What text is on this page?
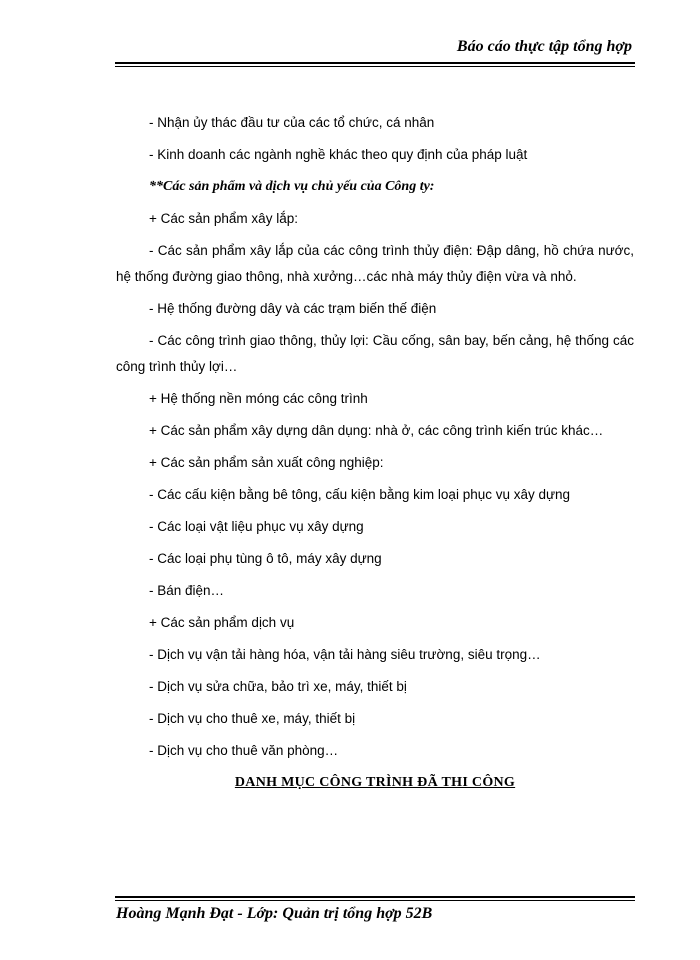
Báo cáo thực tập tổng hợp

- Nhận ủy thác đầu tư của các tổ chức, cá nhân

- Kinh doanh các ngành nghề khác theo quy định của pháp luật

**Các sản phẩm và dịch vụ chủ yếu của Công ty:

+ Các sản phẩm xây lắp:

- Các sản phẩm xây lắp của các công trình thủy điện: Đập dâng, hồ chứa nước, hệ thống đường giao thông, nhà xưởng…các nhà máy thủy điện vừa và nhỏ.

- Hệ thống đường dây và các trạm biến thế điện

- Các công trình giao thông, thủy lợi: Cầu cống, sân bay, bến cảng, hệ thống các công trình thủy lợi…

+ Hệ thống nền móng các công trình

+ Các sản phẩm xây dựng dân dụng: nhà ở, các công trình kiến trúc khác…

+ Các sản phẩm sản xuất công nghiệp:

- Các cấu kiện bằng bê tông, cấu kiện bằng kim loại phục vụ xây dựng

- Các loại vật liệu phục vụ xây dựng

- Các loại phụ tùng ô tô, máy xây dựng

- Bán điện…

+ Các sản phẩm dịch vụ

- Dịch vụ vận tải hàng hóa, vận tải hàng siêu trường, siêu trọng…

- Dịch vụ sửa chữa, bảo trì xe, máy, thiết bị

- Dịch vụ cho thuê xe, máy, thiết bị

- Dịch vụ cho thuê văn phòng…

DANH MỤC CÔNG TRÌNH ĐÃ THI CÔNG

Hoàng Mạnh Đạt - Lớp: Quản trị tổng hợp 52B
